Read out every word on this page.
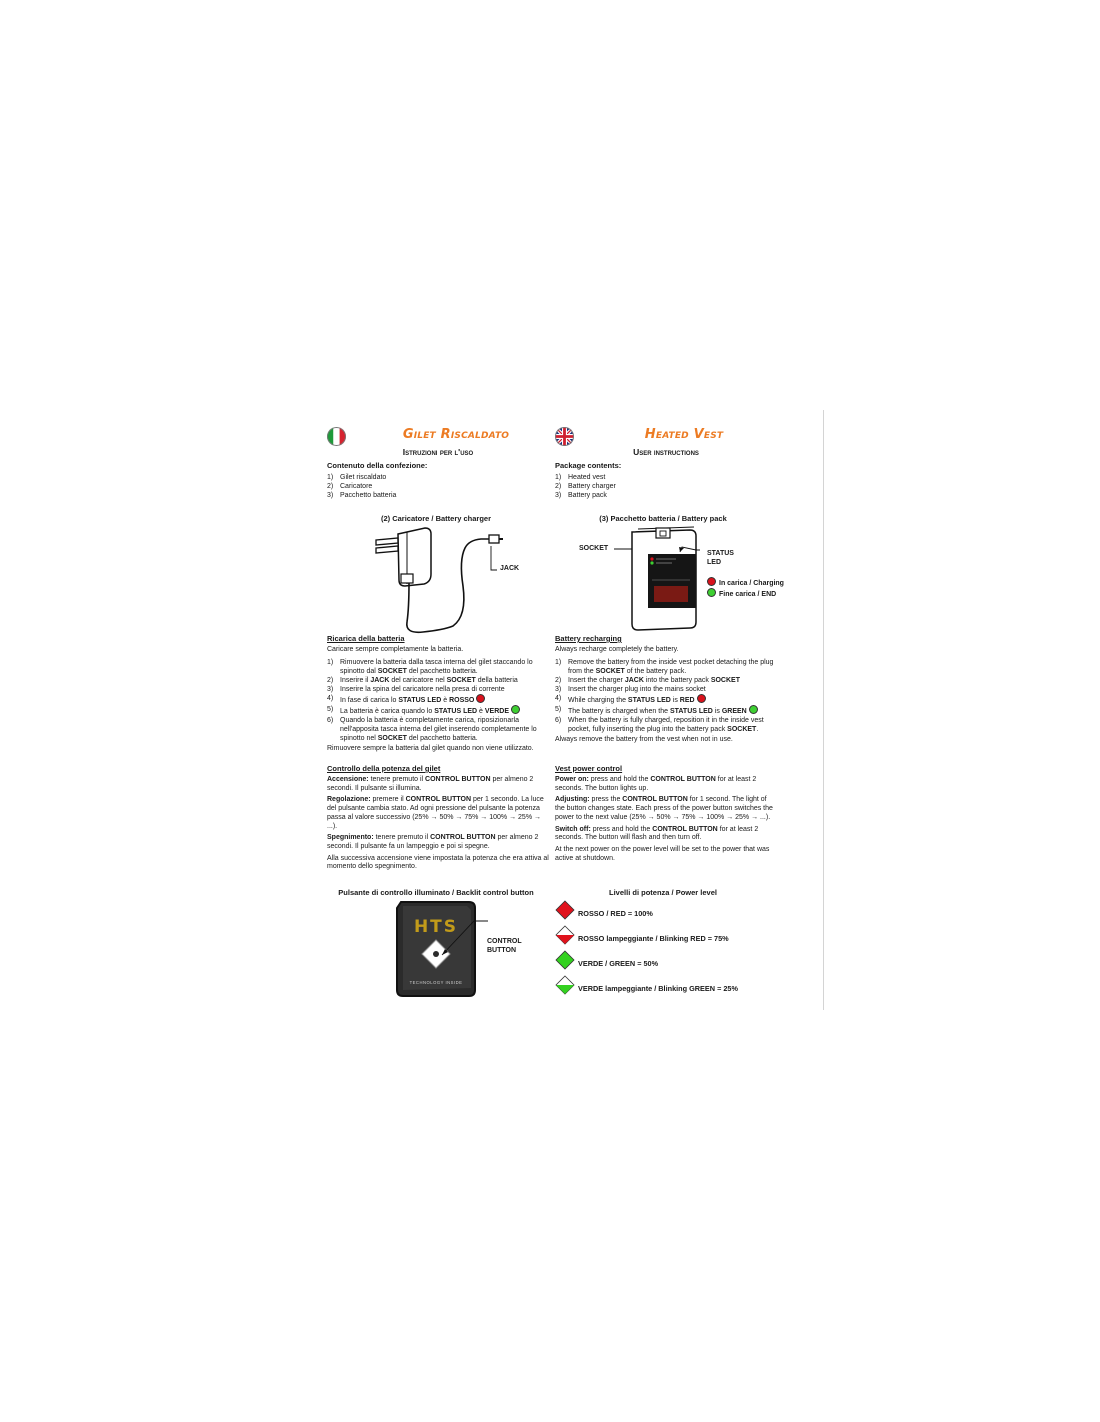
Gilet Riscaldato
Istruzioni per l'uso
Contenuto della confezione:
1) Gilet riscaldato
2) Caricatore
3) Pacchetto batteria
(2) Caricatore / Battery charger
JACK
Ricarica della batteria

Caricare sempre completamente la batteria.

1) Rimuovere la batteria dalla tasca interna del gilet staccando lo spinotto dal SOCKET del pacchetto batteria.
2) Inserire il JACK del caricatore nel SOCKET della batteria
3) Inserire la spina del caricatore nella presa di corrente
4) In fase di carica lo STATUS LED è ROSSO
5) La batteria è carica quando lo STATUS LED è VERDE
6) Quando la batteria è completamente carica, riposizionarla nell'apposita tasca interna del gilet inserendo completamente lo spinotto nel SOCKET del pacchetto batteria.

Rimuovere sempre la batteria dal gilet quando non viene utilizzato.

Controllo della potenza del gilet

Accensione: tenere premuto il CONTROL BUTTON per almeno 2 secondi. Il pulsante si illumina.

Regolazione: premere il CONTROL BUTTON per 1 secondo. La luce del pulsante cambia stato. Ad ogni pressione del pulsante la potenza passa al valore successivo (25% → 50% → 75% → 100% → 25% → ...).

Spegnimento: tenere premuto il CONTROL BUTTON per almeno 2 secondi. Il pulsante fa un lampeggio e poi si spegne.

Alla successiva accensione viene impostata la potenza che era attiva al momento dello spegnimento.

Pulsante di controllo illuminato / Backlit control button
HTS
TECHNOLOGY INSIDE
CONTROL
BUTTON
Heated Vest
User instructions
Package contents:
1) Heated vest
2) Battery charger
3) Battery pack
(3) Pacchetto batteria / Battery pack
SOCKET
STATUS
LED
In carica / Charging
Fine carica / END
Battery recharging

Always recharge completely the battery.

1) Remove the battery from the inside vest pocket detaching the plug from the SOCKET of the battery pack.
2) Insert the charger JACK into the battery pack SOCKET
3) Insert the charger plug into the mains socket
4) While charging the STATUS LED is RED
5) The battery is charged when the STATUS LED is GREEN
6) When the battery is fully charged, reposition it in the inside vest pocket, fully inserting the plug into the battery pack SOCKET.

Always remove the battery from the vest when not in use.

Vest power control

Power on: press and hold the CONTROL BUTTON for at least 2 seconds. The button lights up.

Adjusting: press the CONTROL BUTTON for 1 second. The light of the button changes state. Each press of the power button switches the power to the next value (25% → 50% → 75% → 100% → 25% → ...).

Switch off: press and hold the CONTROL BUTTON for at least 2 seconds. The button will flash and then turn off.

At the next power on the power level will be set to the power that was active at shutdown.

Livelli di potenza / Power level
ROSSO / RED = 100%
ROSSO lampeggiante / Blinking RED = 75%
VERDE / GREEN = 50%
VERDE lampeggiante / Blinking GREEN = 25%
